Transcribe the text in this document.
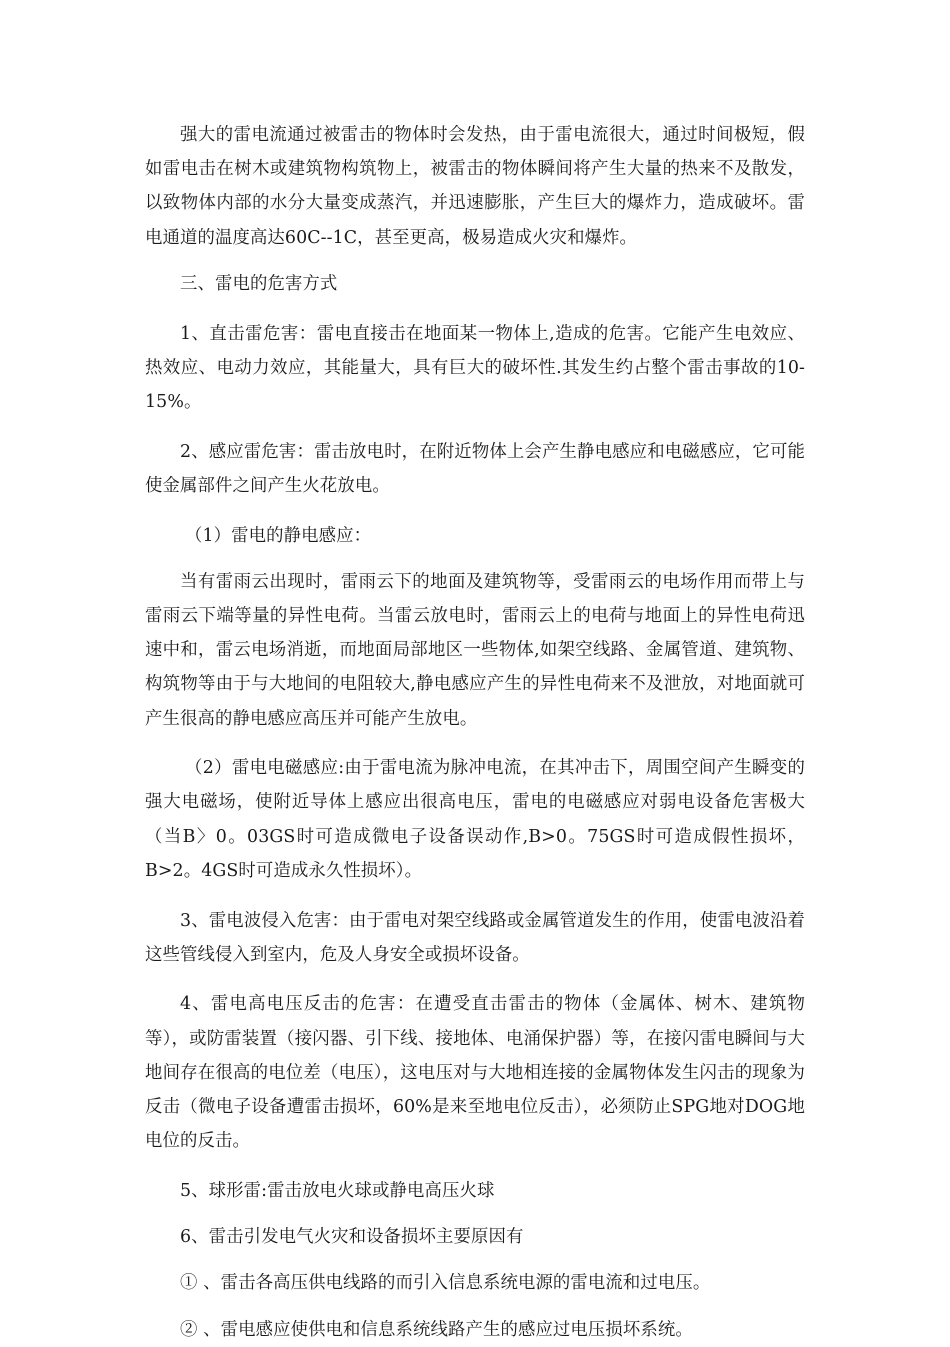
强大的雷电流通过被雷击的物体时会发热，由于雷电流很大，通过时间极短，假如雷电击在树木或建筑物构筑物上，被雷击的物体瞬间将产生大量的热来不及散发，以致物体内部的水分大量变成蒸汽，并迅速膨胀，产生巨大的爆炸力，造成破坏。雷电通道的温度高达60C--1C，甚至更高，极易造成火灾和爆炸。

三、雷电的危害方式

1、直击雷危害：雷电直接击在地面某一物体上,造成的危害。它能产生电效应、热效应、电动力效应，其能量大，具有巨大的破坏性.其发生约占整个雷击事故的10-15%。

2、感应雷危害：雷击放电时，在附近物体上会产生静电感应和电磁感应，它可能使金属部件之间产生火花放电。

（1）雷电的静电感应：

当有雷雨云出现时，雷雨云下的地面及建筑物等，受雷雨云的电场作用而带上与雷雨云下端等量的异性电荷。当雷云放电时，雷雨云上的电荷与地面上的异性电荷迅速中和，雷云电场消逝，而地面局部地区一些物体,如架空线路、金属管道、建筑物、构筑物等由于与大地间的电阻较大,静电感应产生的异性电荷来不及泄放，对地面就可产生很高的静电感应高压并可能产生放电。

（2）雷电电磁感应:由于雷电流为脉冲电流，在其冲击下，周围空间产生瞬变的强大电磁场，使附近导体上感应出很高电压，雷电的电磁感应对弱电设备危害极大（当B〉0。03GS时可造成微电子设备误动作,B>0。75GS时可造成假性损坏，B>2。4GS时可造成永久性损坏）。

3、雷电波侵入危害：由于雷电对架空线路或金属管道发生的作用，使雷电波沿着这些管线侵入到室内，危及人身安全或损坏设备。

4、雷电高电压反击的危害：在遭受直击雷击的物体（金属体、树木、建筑物等），或防雷装置（接闪器、引下线、接地体、电涌保护器）等，在接闪雷电瞬间与大地间存在很高的电位差（电压），这电压对与大地相连接的金属物体发生闪击的现象为反击（微电子设备遭雷击损坏，60%是来至地电位反击），必须防止SPG地对DOG地电位的反击。

5、球形雷:雷击放电火球或静电高压火球

6、雷击引发电气火灾和设备损坏主要原因有

① 、雷击各高压供电线路的而引入信息系统电源的雷电流和过电压。

② 、雷电感应使供电和信息系统线路产生的感应过电压损坏系统。
